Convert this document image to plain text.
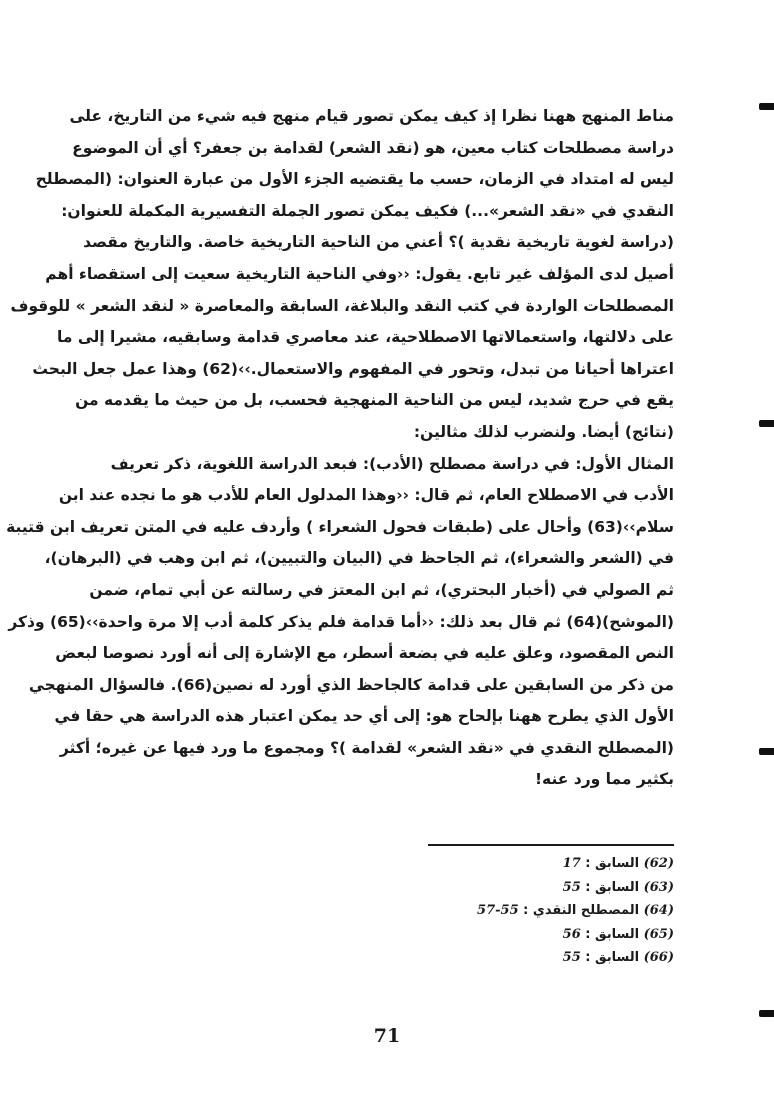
مناط المنهج ههنا نظرا إذ كيف يمكن تصور قيام منهج فيه شيء من التاريخ، على
دراسة مصطلحات كتاب معين، هو (نقد الشعر) لقدامة بن جعفر؟ أي أن الموضوع
ليس له امتداد في الزمان، حسب ما يقتضيه الجزء الأول من عبارة العنوان: (المصطلح
النقدي في «نقد الشعر»...) فكيف يمكن تصور الجملة التفسيرية المكملة للعنوان:
(دراسة لغوية تاريخية نقدية )؟ أعني من الناحية التاريخية خاصة. والتاريخ مقصد
أصيل لدى المؤلف غير تابع. يقول: ‹‹وفي الناحية التاريخية سعيت إلى استقصاء أهم
المصطلحات الواردة في كتب النقد والبلاغة، السابقة والمعاصرة « لنقد الشعر » للوقوف
على دلالتها، واستعمالاتها الاصطلاحية، عند معاصري قدامة وسابقيه، مشيرا إلى ما
اعتراها أحيانا من تبدل، وتحور في المفهوم والاستعمال.››(62) وهذا عمل جعل البحث
يقع في حرج شديد، ليس من الناحية المنهجية فحسب، بل من حيث ما يقدمه من
(نتائج) أيضا. ولنضرب لذلك مثالين:
المثال الأول: في دراسة مصطلح (الأدب): فبعد الدراسة اللغوية، ذكر تعريف
الأدب في الاصطلاح العام، ثم قال: ‹‹وهذا المدلول العام للأدب هو ما نجده عند ابن
سلام››(63) وأحال على (طبقات فحول الشعراء ) وأردف عليه في المتن تعريف ابن قتيبة
في (الشعر والشعراء)، ثم الجاحظ في (البيان والتبيين)، ثم ابن وهب في (البرهان)،
ثم الصولي في (أخبار البحتري)، ثم ابن المعتز في رسالته عن أبي تمام، ضمن
(الموشح)(64) ثم قال بعد ذلك: ‹‹أما قدامة فلم يذكر كلمة أدب إلا مرة واحدة››(65) وذكر
النص المقصود، وعلق عليه في بضعة أسطر، مع الإشارة إلى أنه أورد نصوصا لبعض
من ذكر من السابقين على قدامة كالجاحظ الذي أورد له نصين(66). فالسؤال المنهجي
الأول الذي يطرح ههنا بإلحاح هو: إلى أي حد يمكن اعتبار هذه الدراسة هي حقا في
(المصطلح النقدي في «نقد الشعر» لقدامة )؟ ومجموع ما ورد فيها عن غيره؛ أكثر
بكثير مما ورد عنه!
(62) السابق : 17
(63) السابق : 55
(64) المصطلح النقدي : 55-57
(65) السابق : 56
(66) السابق : 55
71
